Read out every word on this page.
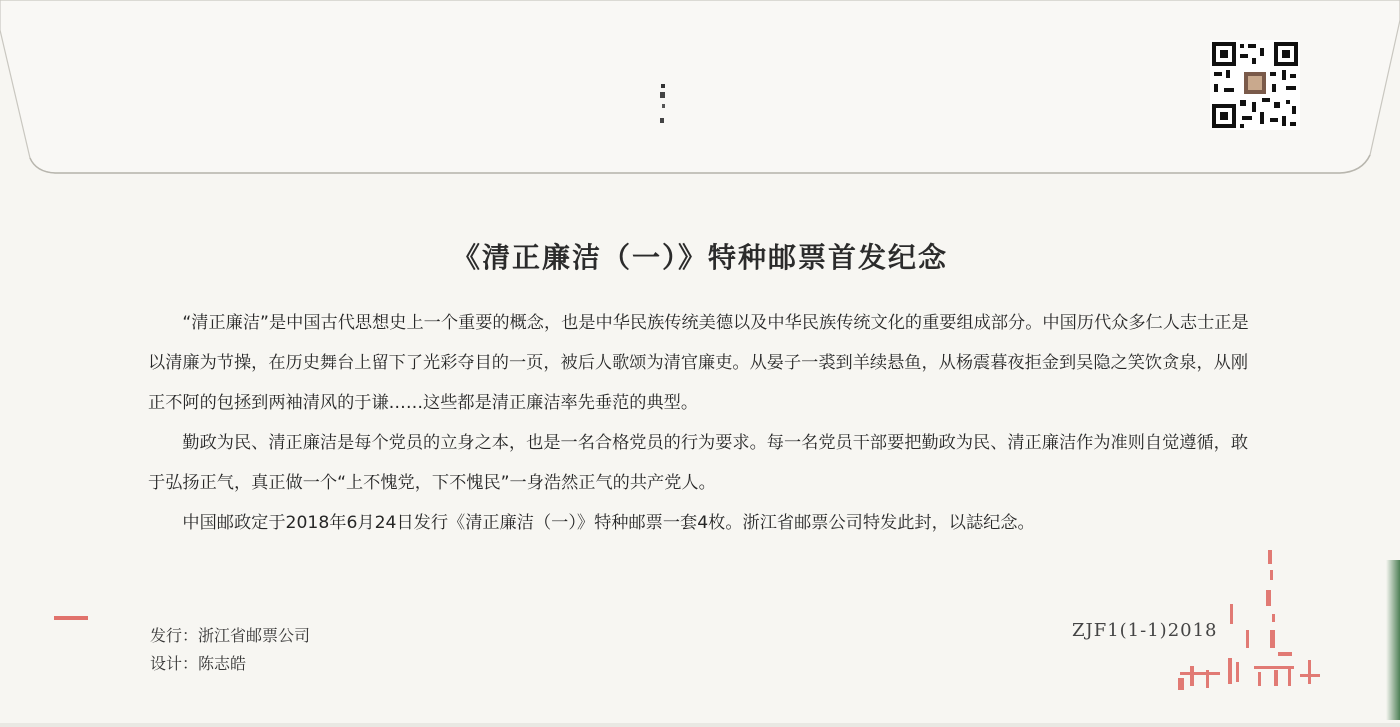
《清正廉洁（一）》特种邮票首发纪念

“清正廉洁”是中国古代思想史上一个重要的概念，也是中华民族传统美德以及中华民族传统文化的重要组成部分。中国历代众多仁人志士正是以清廉为节操，在历史舞台上留下了光彩夺目的一页，被后人歌颂为清官廉吏。从晏子一裘到羊续悬鱼，从杨震暮夜拒金到吴隐之笑饮贪泉，从刚正不阿的包拯到两袖清风的于谦……这些都是清正廉洁率先垂范的典型。

勤政为民、清正廉洁是每个党员的立身之本，也是一名合格党员的行为要求。每一名党员干部要把勤政为民、清正廉洁作为准则自觉遵循，敢于弘扬正气，真正做一个“上不愧党，下不愧民”一身浩然正气的共产党人。

中国邮政定于2018年6月24日发行《清正廉洁（一）》特种邮票一套4枚。浙江省邮票公司特发此封，以誌纪念。

发行：浙江省邮票公司
设计：陈志皓
ZJF1(1-1)2018
